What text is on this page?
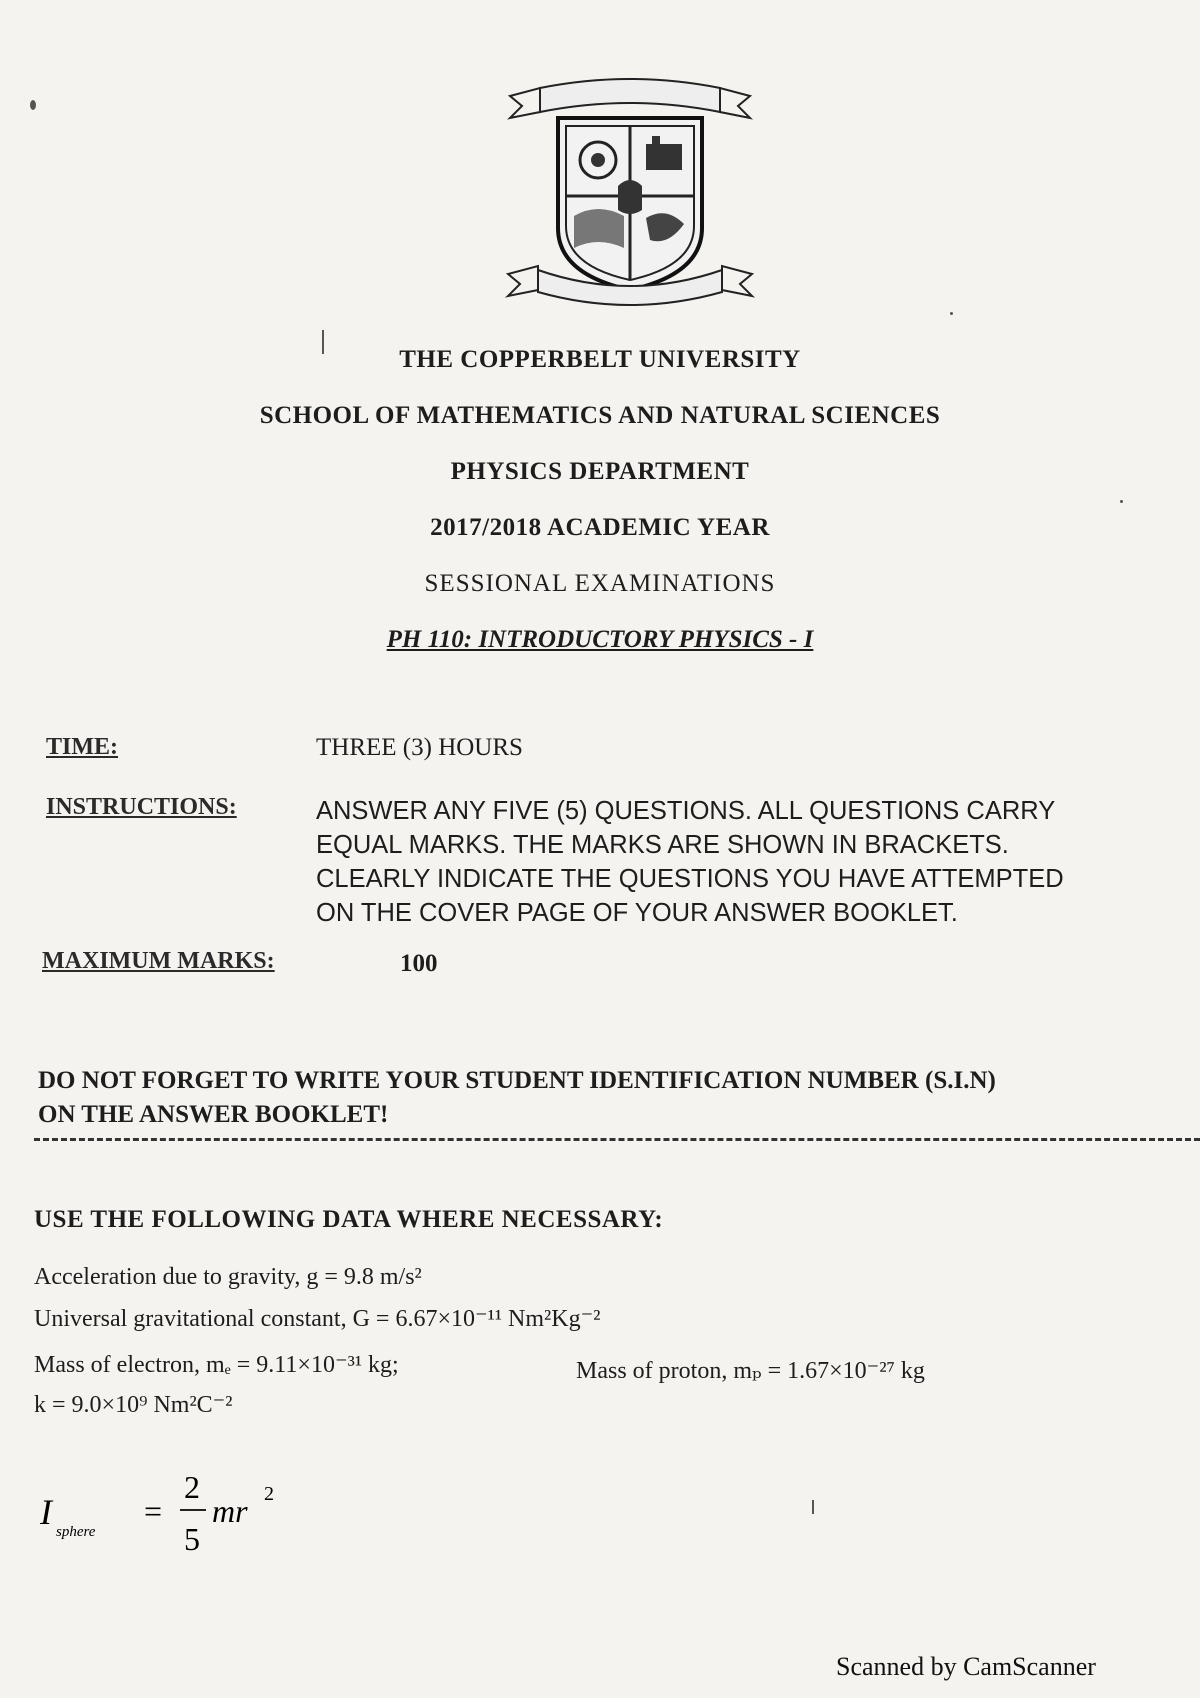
THE COPPERBELT UNIVERSITY
SCHOOL OF MATHEMATICS AND NATURAL SCIENCES
PHYSICS DEPARTMENT
2017/2018 ACADEMIC YEAR
SESSIONAL EXAMINATIONS
PH 110: INTRODUCTORY PHYSICS - I
TIME:	THREE (3) HOURS
INSTRUCTIONS:	ANSWER ANY FIVE (5) QUESTIONS. ALL QUESTIONS CARRY
EQUAL MARKS. THE MARKS ARE SHOWN IN BRACKETS.
CLEARLY INDICATE THE QUESTIONS YOU HAVE ATTEMPTED
ON THE COVER PAGE OF YOUR ANSWER BOOKLET.
MAXIMUM MARKS:	100
DO NOT FORGET TO WRITE YOUR STUDENT IDENTIFICATION NUMBER (S.I.N)
ON THE ANSWER BOOKLET!
USE THE FOLLOWING DATA WHERE NECESSARY:
Acceleration due to gravity, g = 9.8 m/s²
Universal gravitational constant, G = 6.67×10⁻¹¹ Nm²Kg⁻²
Mass of electron, mₑ = 9.11×10⁻³¹ kg;	Mass of proton, mₚ = 1.67×10⁻²⁷ kg
k = 9.0×10⁹ Nm²C⁻²
I sphere
=
2
5
mr 2
Scanned by CamScanner
